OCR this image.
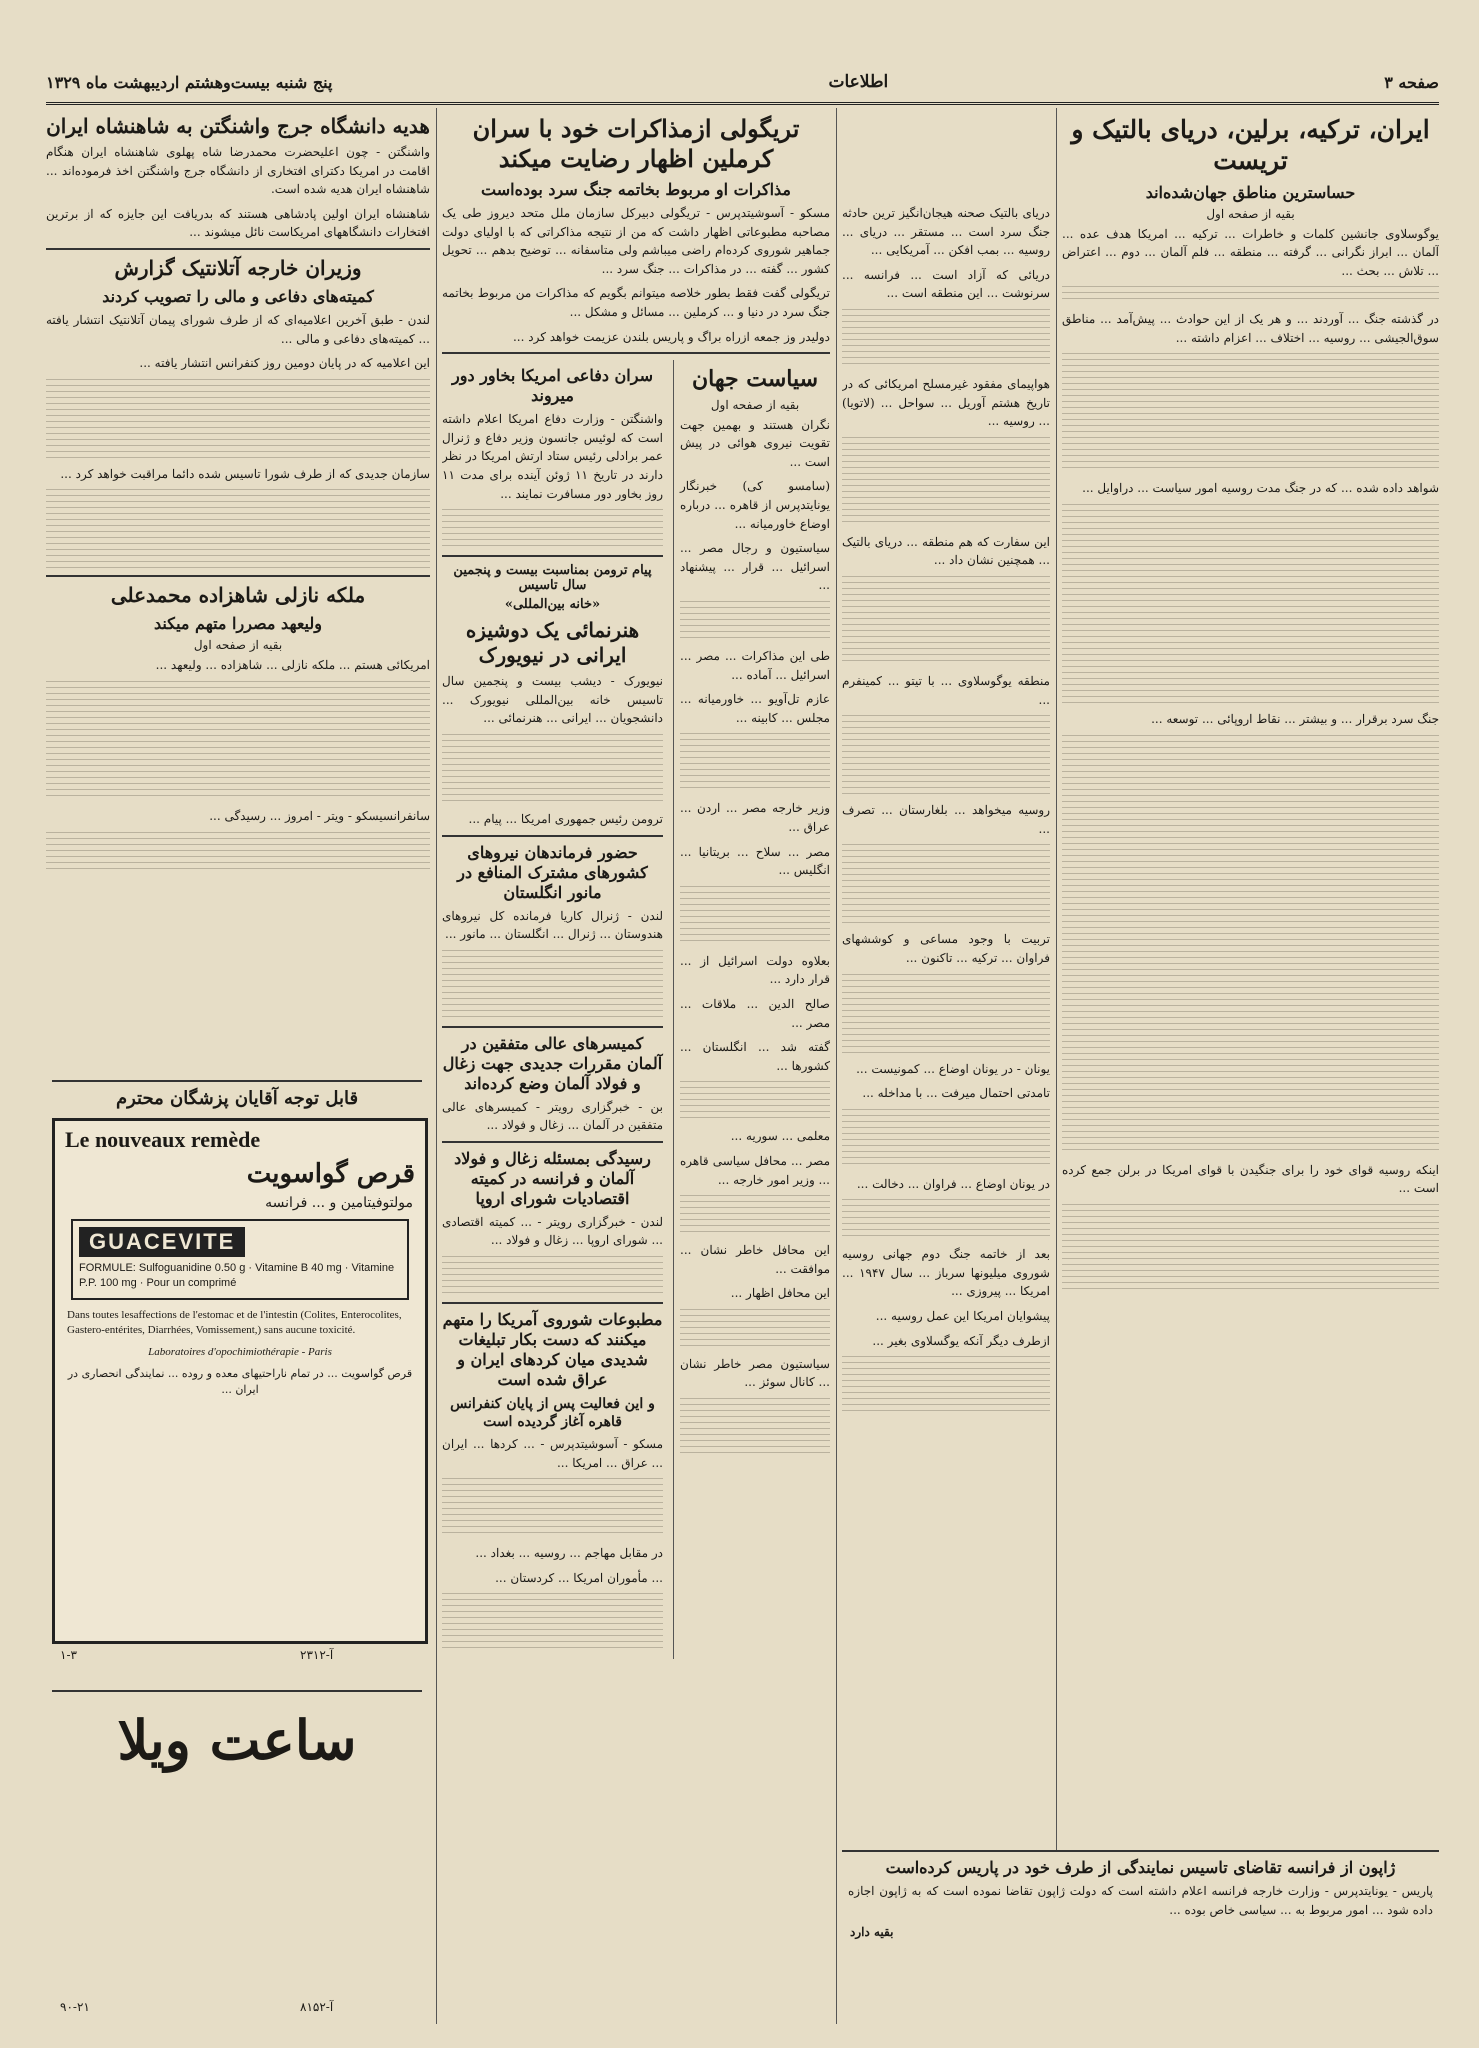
صفحه ۳
اطلاعات
پنج شنبه بیست‌وهشتم اردیبهشت ماه ۱۳۲۹
ایران، ترکیه، برلین، دریای بالتیک و تریست
حساسترین مناطق جهان‌شده‌اند
بقیه از صفحه اول

یوگوسلاوی جانشین کلمات و خاطرات ... ترکیه ... امریکا هدف عده ... آلمان ... ابراز نگرانی ... گرفته ... منطقه ... فلم آلمان ... دوم ... اعتراض ... تلاش ... بحث ...

در گذشته جنگ ... آوردند ... و هر یک از این حوادث ... پیش‌آمد ... مناطق سوق‌الجیشی ... روسیه ... اختلاف ... اعزام داشته ...

شواهد داده شده ... که در جنگ مدت روسیه امور سیاست ... دراوایل ...

جنگ سرد برقرار ... و بیشتر ... نقاط اروپائی ... توسعه ...

اینکه روسیه قوای خود را برای جنگیدن با قوای امریکا در برلن جمع کرده است ...

دریای بالتیک صحنه هیجان‌انگیز ترین حادثه جنگ سرد است ... مستقر ... دریای ... روسیه ... بمب افکن ... آمریکایی ...

دریائی که آزاد است ... فرانسه ... سرنوشت ... این منطقه است ...

هواپیمای مفقود غیرمسلح امریکائی که در تاریخ هشتم آوریل ... سواحل ... (لاتویا) ... روسیه ...

این سفارت که هم منطقه ... دریای بالتیک ... همچنین نشان داد ...

منطقه یوگوسلاوی ... با تیتو ... کمینفرم ...

روسیه میخواهد ... بلغارستان ... تصرف ...

تربیت با وجود مساعی و کوششهای فراوان ... ترکیه ... تاکنون ...

یونان - در یونان اوضاع ... کمونیست ...

تامدتی احتمال میرفت ... با مداخله ...

در یونان اوضاع ... فراوان ... دخالت ...

بعد از خاتمه جنگ دوم جهانی روسیه شوروی میلیونها سرباز ... سال ۱۹۴۷ ... امریکا ... پیروزی ...

پیشوایان امریکا این عمل روسیه ...

ازطرف دیگر آنکه یوگسلاوی بغیر ...

ژاپون از فرانسه تقاضای تاسیس نمایندگی از طرف خود در پاریس کرده‌است

پاریس - یونایتدپرس - وزارت خارجه فرانسه اعلام داشته است که دولت ژاپون تقاضا نموده است که به ژاپون اجازه داده شود ... امور مربوط به ... سیاسی خاص بوده ...

بقیه دارد
تریگولی ازمذاکرات خود با سران کرملین اظهار رضایت میکند
مذاکرات او مربوط بخاتمه جنگ سرد بوده‌است

مسکو - آسوشیتدپرس - تریگولی دبیرکل سازمان ملل متحد دیروز طی یک مصاحبه مطبوعاتی اظهار داشت که من از نتیجه مذاکراتی که با اولیای دولت جماهیر شوروی کرده‌ام راضی میباشم ولی متاسفانه ... توضیح بدهم ... تحویل کشور ... گفته ... در مذاکرات ... جنگ سرد ...

تریگولی گفت فقط بطور خلاصه میتوانم بگویم که مذاکرات من مربوط بخاتمه جنگ سرد در دنیا و ... کرملین ... مسائل و مشکل ...

دولیدر وز جمعه ازراه براگ و پاریس بلندن عزیمت خواهد کرد ...

سیاست جهان
بقیه از صفحه اول

نگران هستند و بهمین جهت تقویت نیروی هوائی در پیش است ...

(سامسو کی) خبرنگار یونایتدپرس از قاهره ... درباره اوضاع خاورمیانه ...

سیاستیون و رجال مصر ... اسرائیل ... قرار ... پیشنهاد ...

طی این مذاکرات ... مصر ... اسرائیل ... آماده ...

عازم تل‌آویو ... خاورمیانه ... مجلس ... کابینه ...

وزیر خارجه مصر ... اردن ... عراق ...

مصر ... سلاح ... بریتانیا ... انگلیس ...

بعلاوه دولت اسرائیل از ... قرار دارد ...

صالح الدین ... ملاقات ... مصر ...

گفته شد ... انگلستان ... کشورها ...

معلمی ... سوریه ...

مصر ... محافل سیاسی قاهره ... وزیر امور خارجه ...

این محافل خاطر نشان ... موافقت ...

این محافل اظهار ...

سیاستیون مصر خاطر نشان ... کانال سوئز ...

سران دفاعی امریکا بخاور دور میروند

واشنگتن - وزارت دفاع امریکا اعلام داشته است که لوئیس جانسون وزیر دفاع و ژنرال عمر برادلی رئیس ستاد ارتش امریکا در نظر دارند در تاریخ ۱۱ ژوئن آینده برای مدت ۱۱ روز بخاور دور مسافرت نمایند ...

پیام ترومن بمناسبت بیست و پنجمین سال تاسیس
«خانه بین‌المللی»
هنرنمائی یک دوشیزه ایرانی در نیویورک

نیویورک - دیشب بیست و پنجمین سال تاسیس خانه بین‌المللی نیویورک ... دانشجویان ... ایرانی ... هنرنمائی ...

ترومن رئیس جمهوری امریکا ... پیام ...

حضور فرماندهان نیروهای کشورهای مشترک المنافع در مانور انگلستان

لندن - ژنرال کاریا فرمانده کل نیروهای هندوستان ... ژنرال ... انگلستان ... مانور ...

کمیسرهای عالی متفقین در آلمان مقررات جدیدی جهت زغال و فولاد آلمان وضع کرده‌اند

بن - خبرگزاری رویتر - کمیسرهای عالی متفقین در آلمان ... زغال و فولاد ...

رسیدگی بمسئله زغال و فولاد آلمان و فرانسه در کمیته اقتصادیات شورای اروپا

لندن - خبرگزاری رویتر - ... کمیته اقتصادی ... شورای اروپا ... زغال و فولاد ...

مطبوعات شوروی آمریکا را متهم میکنند که دست بکار تبلیغات شدیدی میان کردهای ایران و عراق شده است
و این فعالیت پس از پایان کنفرانس قاهره آغاز گردیده است

مسکو - آسوشیتدپرس - ... کردها ... ایران ... عراق ... امریکا ...

در مقابل مهاجم ... روسیه ... بغداد ...

... مأموران امریکا ... کردستان ...

هدیه دانشگاه جرج واشنگتن به شاهنشاه ایران

واشنگتن - چون اعلیحضرت محمدرضا شاه پهلوی شاهنشاه ایران هنگام اقامت در امریکا دکترای افتخاری از دانشگاه جرج واشنگتن اخذ فرموده‌اند ... شاهنشاه ایران هدیه شده است.

شاهنشاه ایران اولین پادشاهی هستند که بدریافت این جایزه که از برترین افتخارات دانشگاههای امریکاست نائل میشوند ...

وزیران خارجه آتلانتیک گزارش
کمیته‌های دفاعی و مالی را تصویب کردند

لندن - طبق آخرین اعلامیه‌ای که از طرف شورای پیمان آتلانتیک انتشار یافته ... کمیته‌های دفاعی و مالی ...

این اعلامیه که در پایان دومین روز کنفرانس انتشار یافته ...

سازمان جدیدی که از طرف شورا تاسیس شده دائما مراقبت خواهد کرد ...

ملکه نازلی شاهزاده محمدعلی
ولیعهد مصررا متهم میکند
بقیه از صفحه اول

امریکائی هستم ... ملکه نازلی ... شاهزاده ... ولیعهد ...

سانفرانسیسکو - ویتر - امروز ... رسیدگی ...

قابل توجه آقایان پزشگان محترم
Le nouveaux remède
قرص گواسویت
مولتوفیتامین و ... فرانسه
GUACEVITE
FORMULE: Sulfoguanidine 0.50 g · Vitamine B 40 mg · Vitamine P.P. 100 mg · Pour un comprimé
Dans toutes lesaffections de l'estomac et de l'intestin (Colites, Enterocolites, Gastero-entérites, Diarrhées, Vomissement,) sans aucune toxicité.
Laboratoires d'opochimiothérapie - Paris
قرص گواسویت ... در تمام ناراحتیهای معده و روده ... نمایندگی انحصاری در ایران ...
۲۳۱۲-آ
۱-۳
ساعت ویلا
۸۱۵۲-آ
۹۰-۲۱
